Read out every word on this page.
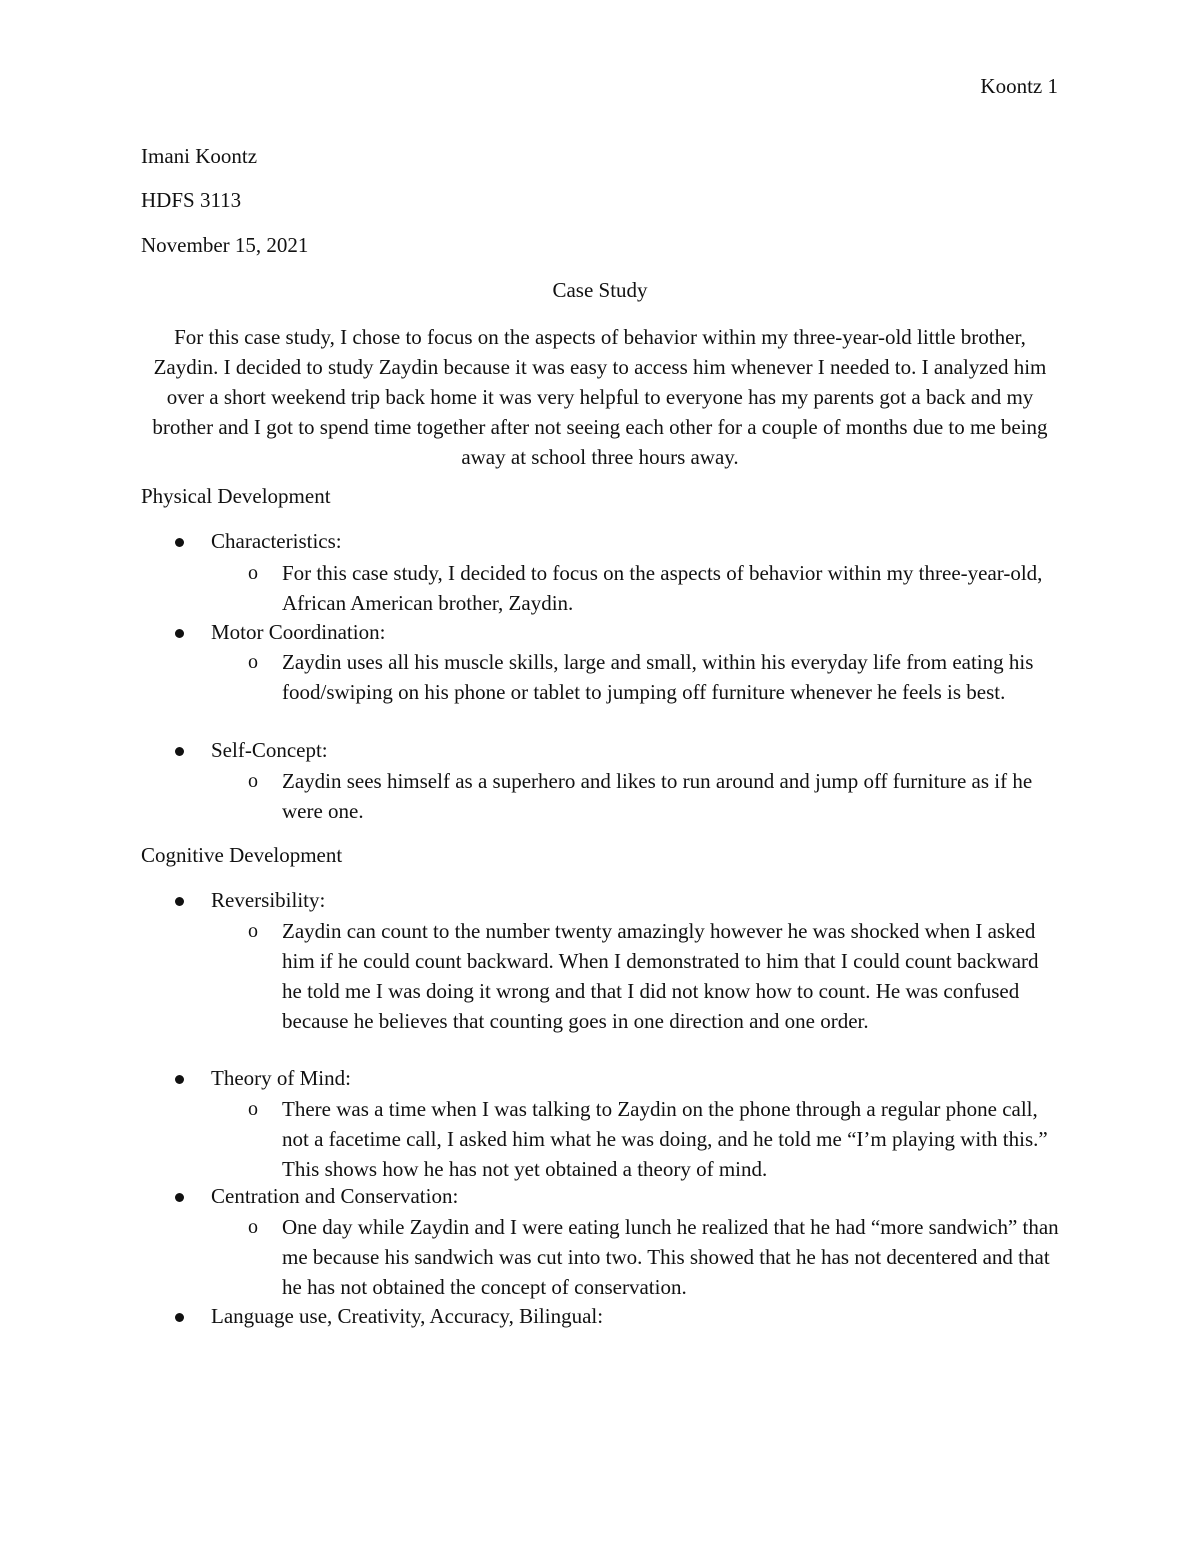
Koontz 1
Imani Koontz
HDFS 3113
November 15, 2021
Case Study
For this case study, I chose to focus on the aspects of behavior within my three-year-old little brother, Zaydin. I decided to study Zaydin because it was easy to access him whenever I needed to. I analyzed him over a short weekend trip back home it was very helpful to everyone has my parents got a back and my brother and I got to spend time together after not seeing each other for a couple of months due to me being away at school three hours away.
Physical Development
Characteristics:
o For this case study, I decided to focus on the aspects of behavior within my three-year-old, African American brother, Zaydin.
Motor Coordination:
o Zaydin uses all his muscle skills, large and small, within his everyday life from eating his food/swiping on his phone or tablet to jumping off furniture whenever he feels is best.
Self-Concept:
o Zaydin sees himself as a superhero and likes to run around and jump off furniture as if he were one.
Cognitive Development
Reversibility:
o Zaydin can count to the number twenty amazingly however he was shocked when I asked him if he could count backward. When I demonstrated to him that I could count backward he told me I was doing it wrong and that I did not know how to count. He was confused because he believes that counting goes in one direction and one order.
Theory of Mind:
o There was a time when I was talking to Zaydin on the phone through a regular phone call, not a facetime call, I asked him what he was doing, and he told me “I’m playing with this.” This shows how he has not yet obtained a theory of mind.
Centration and Conservation:
o One day while Zaydin and I were eating lunch he realized that he had “more sandwich” than me because his sandwich was cut into two. This showed that he has not decentered and that he has not obtained the concept of conservation.
Language use, Creativity, Accuracy, Bilingual:
